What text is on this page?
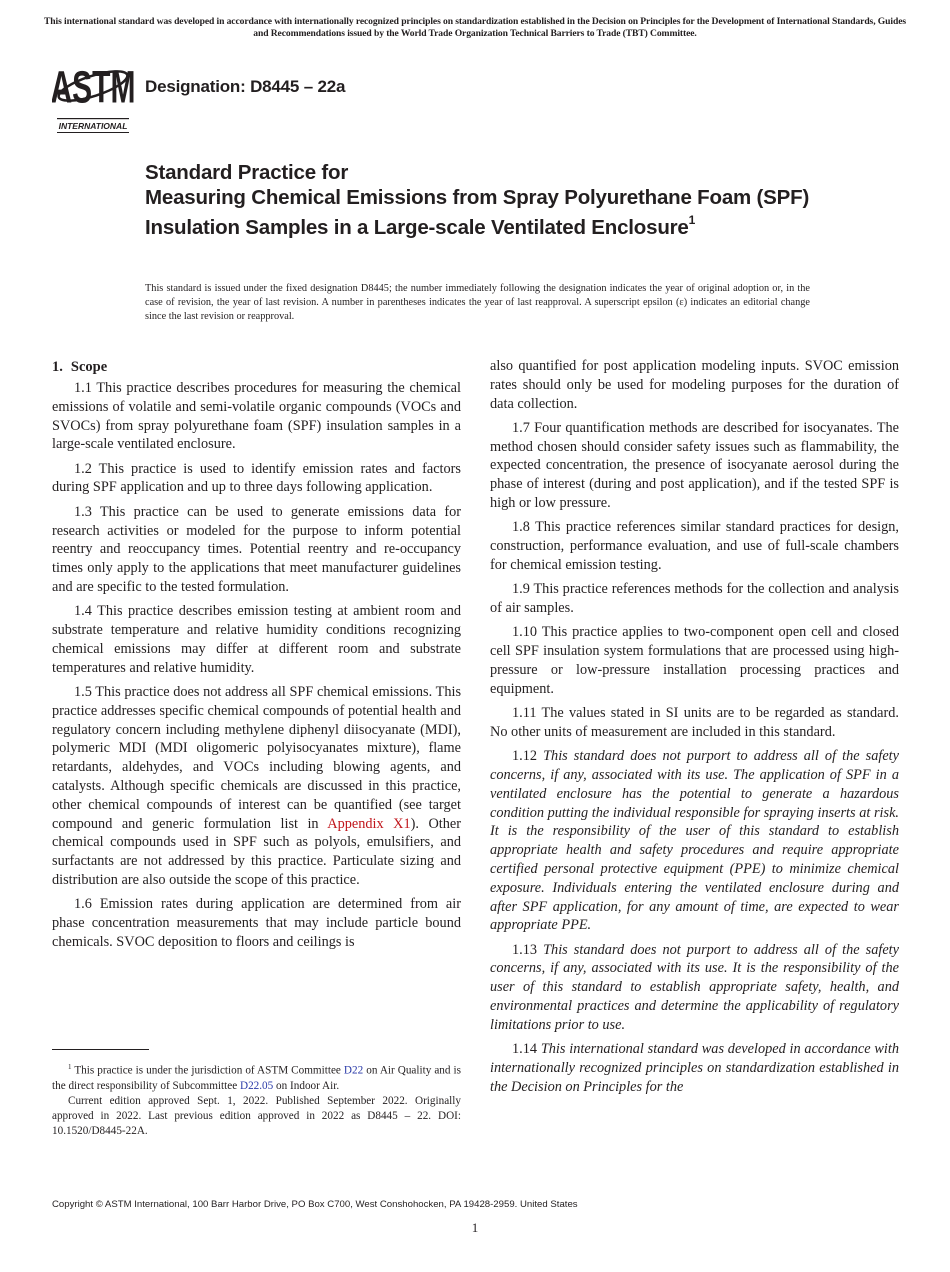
This international standard was developed in accordance with internationally recognized principles on standardization established in the Decision on Principles for the Development of International Standards, Guides and Recommendations issued by the World Trade Organization Technical Barriers to Trade (TBT) Committee.
ASTM
INTERNATIONAL
Designation: D8445 – 22a
Standard Practice for
Measuring Chemical Emissions from Spray Polyurethane Foam (SPF) Insulation Samples in a Large-scale Ventilated Enclosure$^1$
This standard is issued under the fixed designation D8445; the number immediately following the designation indicates the year of original adoption or, in the case of revision, the year of last revision. A number in parentheses indicates the year of last reapproval. A superscript epsilon (ε) indicates an editorial change since the last revision or reapproval.
1. Scope

1.1 This practice describes procedures for measuring the chemical emissions of volatile and semi-volatile organic compounds (VOCs and SVOCs) from spray polyurethane foam (SPF) insulation samples in a large-scale ventilated enclosure.

1.2 This practice is used to identify emission rates and factors during SPF application and up to three days following application.

1.3 This practice can be used to generate emissions data for research activities or modeled for the purpose to inform potential reentry and reoccupancy times. Potential reentry and re-occupancy times only apply to the applications that meet manufacturer guidelines and are specific to the tested formulation.

1.4 This practice describes emission testing at ambient room and substrate temperature and relative humidity conditions recognizing chemical emissions may differ at different room and substrate temperatures and relative humidity.

1.5 This practice does not address all SPF chemical emissions. This practice addresses specific chemical compounds of potential health and regulatory concern including methylene diphenyl diisocyanate (MDI), polymeric MDI (MDI oligomeric polyisocyanates mixture), flame retardants, aldehydes, and VOCs including blowing agents, and catalysts. Although specific chemicals are discussed in this practice, other chemical compounds of interest can be quantified (see target compound and generic formulation list in Appendix X1). Other chemical compounds used in SPF such as polyols, emulsifiers, and surfactants are not addressed by this practice. Particulate sizing and distribution are also outside the scope of this practice.

1.6 Emission rates during application are determined from air phase concentration measurements that may include particle bound chemicals. SVOC deposition to floors and ceilings is

also quantified for post application modeling inputs. SVOC emission rates should only be used for modeling purposes for the duration of data collection.

1.7 Four quantification methods are described for isocyanates. The method chosen should consider safety issues such as flammability, the expected concentration, the presence of isocyanate aerosol during the phase of interest (during and post application), and if the tested SPF is high or low pressure.

1.8 This practice references similar standard practices for design, construction, performance evaluation, and use of full-scale chambers for chemical emission testing.

1.9 This practice references methods for the collection and analysis of air samples.

1.10 This practice applies to two-component open cell and closed cell SPF insulation system formulations that are processed using high-pressure or low-pressure installation processing practices and equipment.

1.11 The values stated in SI units are to be regarded as standard. No other units of measurement are included in this standard.

1.12 This standard does not purport to address all of the safety concerns, if any, associated with its use. The application of SPF in a ventilated enclosure has the potential to generate a hazardous condition putting the individual responsible for spraying inserts at risk. It is the responsibility of the user of this standard to establish appropriate health and safety procedures and require appropriate certified personal protective equipment (PPE) to minimize chemical exposure. Individuals entering the ventilated enclosure during and after SPF application, for any amount of time, are expected to wear appropriate PPE.

1.13 This standard does not purport to address all of the safety concerns, if any, associated with its use. It is the responsibility of the user of this standard to establish appropriate safety, health, and environmental practices and determine the applicability of regulatory limitations prior to use.

1.14 This international standard was developed in accordance with internationally recognized principles on standardization established in the Decision on Principles for the

$^1$ This practice is under the jurisdiction of ASTM Committee D22 on Air Quality and is the direct responsibility of Subcommittee D22.05 on Indoor Air.

Current edition approved Sept. 1, 2022. Published September 2022. Originally approved in 2022. Last previous edition approved in 2022 as D8445 – 22. DOI: 10.1520/D8445-22A.

Copyright © ASTM International, 100 Barr Harbor Drive, PO Box C700, West Conshohocken, PA 19428-2959. United States
1
